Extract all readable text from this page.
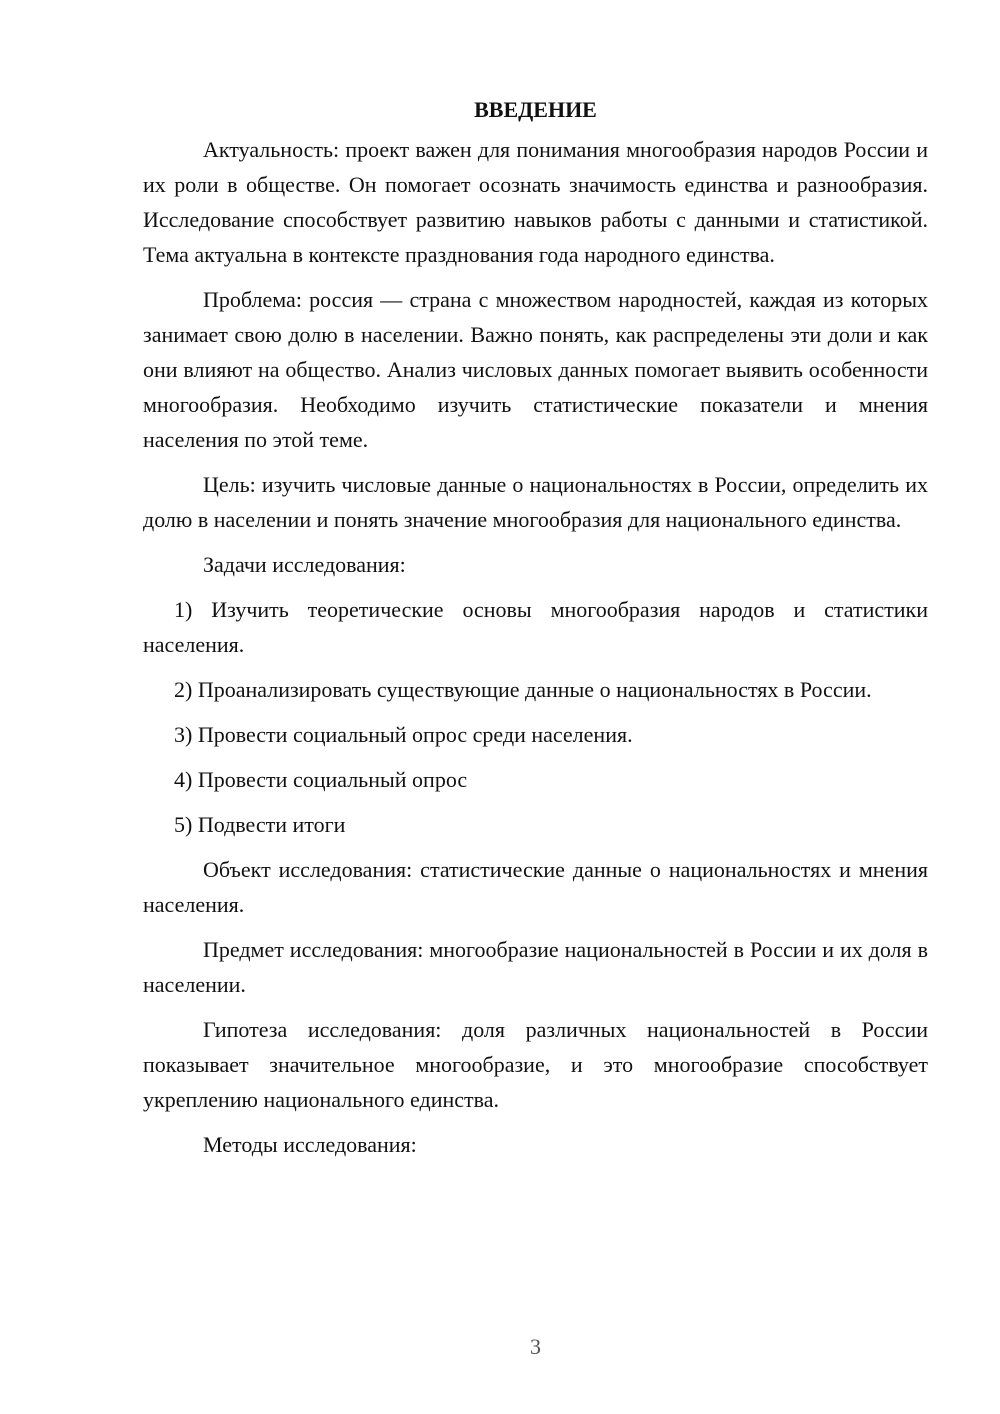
ВВЕДЕНИЕ
Актуальность: проект важен для понимания многообразия народов России и их роли в обществе. Он помогает осознать значимость единства и разнообразия. Исследование способствует развитию навыков работы с данными и статистикой. Тема актуальна в контексте празднования года народного единства.
Проблема: россия — страна с множеством народностей, каждая из которых занимает свою долю в населении. Важно понять, как распределены эти доли и как они влияют на общество. Анализ числовых данных помогает выявить особенности многообразия. Необходимо изучить статистические показатели и мнения населения по этой теме.
Цель: изучить числовые данные о национальностях в России, определить их долю в населении и понять значение многообразия для национального единства.
Задачи исследования:
1) Изучить теоретические основы многообразия народов и статистики населения.
2) Проанализировать существующие данные о национальностях в России.
3) Провести социальный опрос среди населения.
4) Провести социальный опрос
5) Подвести итоги
Объект исследования: статистические данные о национальностях и мнения населения.
Предмет исследования: многообразие национальностей в России и их доля в населении.
Гипотеза исследования: доля различных национальностей в России показывает значительное многообразие, и это многообразие способствует укреплению национального единства.
Методы исследования:
3
